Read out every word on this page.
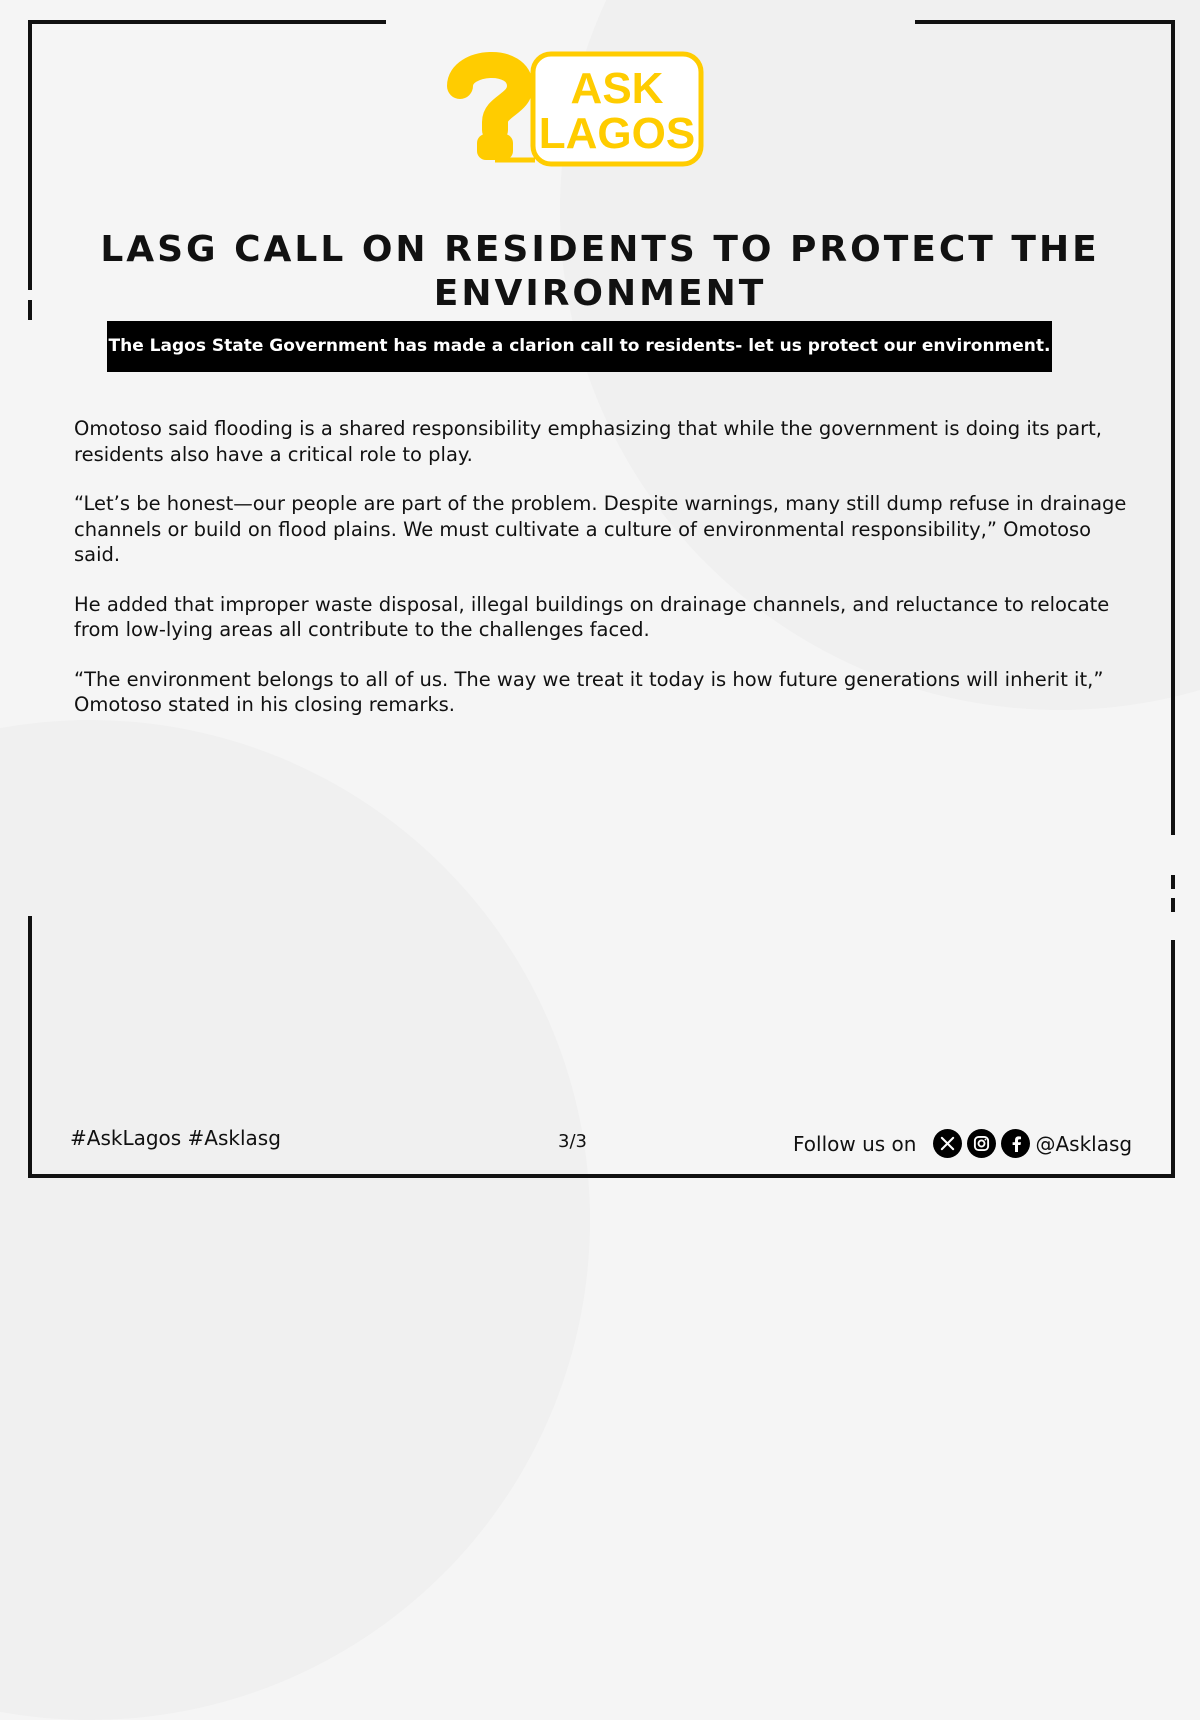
ASK
LAGOS
LASG CALL ON RESIDENTS TO PROTECT THE ENVIRONMENT
The Lagos State Government has made a clarion call to residents- let us protect our environment.

Omotoso said flooding is a shared responsibility emphasizing that while the government is doing its part, residents also have a critical role to play.

“Let’s be honest—our people are part of the problem. Despite warnings, many still dump refuse in drainage channels or build on flood plains. We must cultivate a culture of environmental responsibility,” Omotoso said.

He added that improper waste disposal, illegal buildings on drainage channels, and reluctance to relocate from low-lying areas all contribute to the challenges faced.

“The environment belongs to all of us. The way we treat it today is how future generations will inherit it,” Omotoso stated in his closing remarks.

#AskLagos #Asklasg	3/3	Follow us on	@Asklasg
